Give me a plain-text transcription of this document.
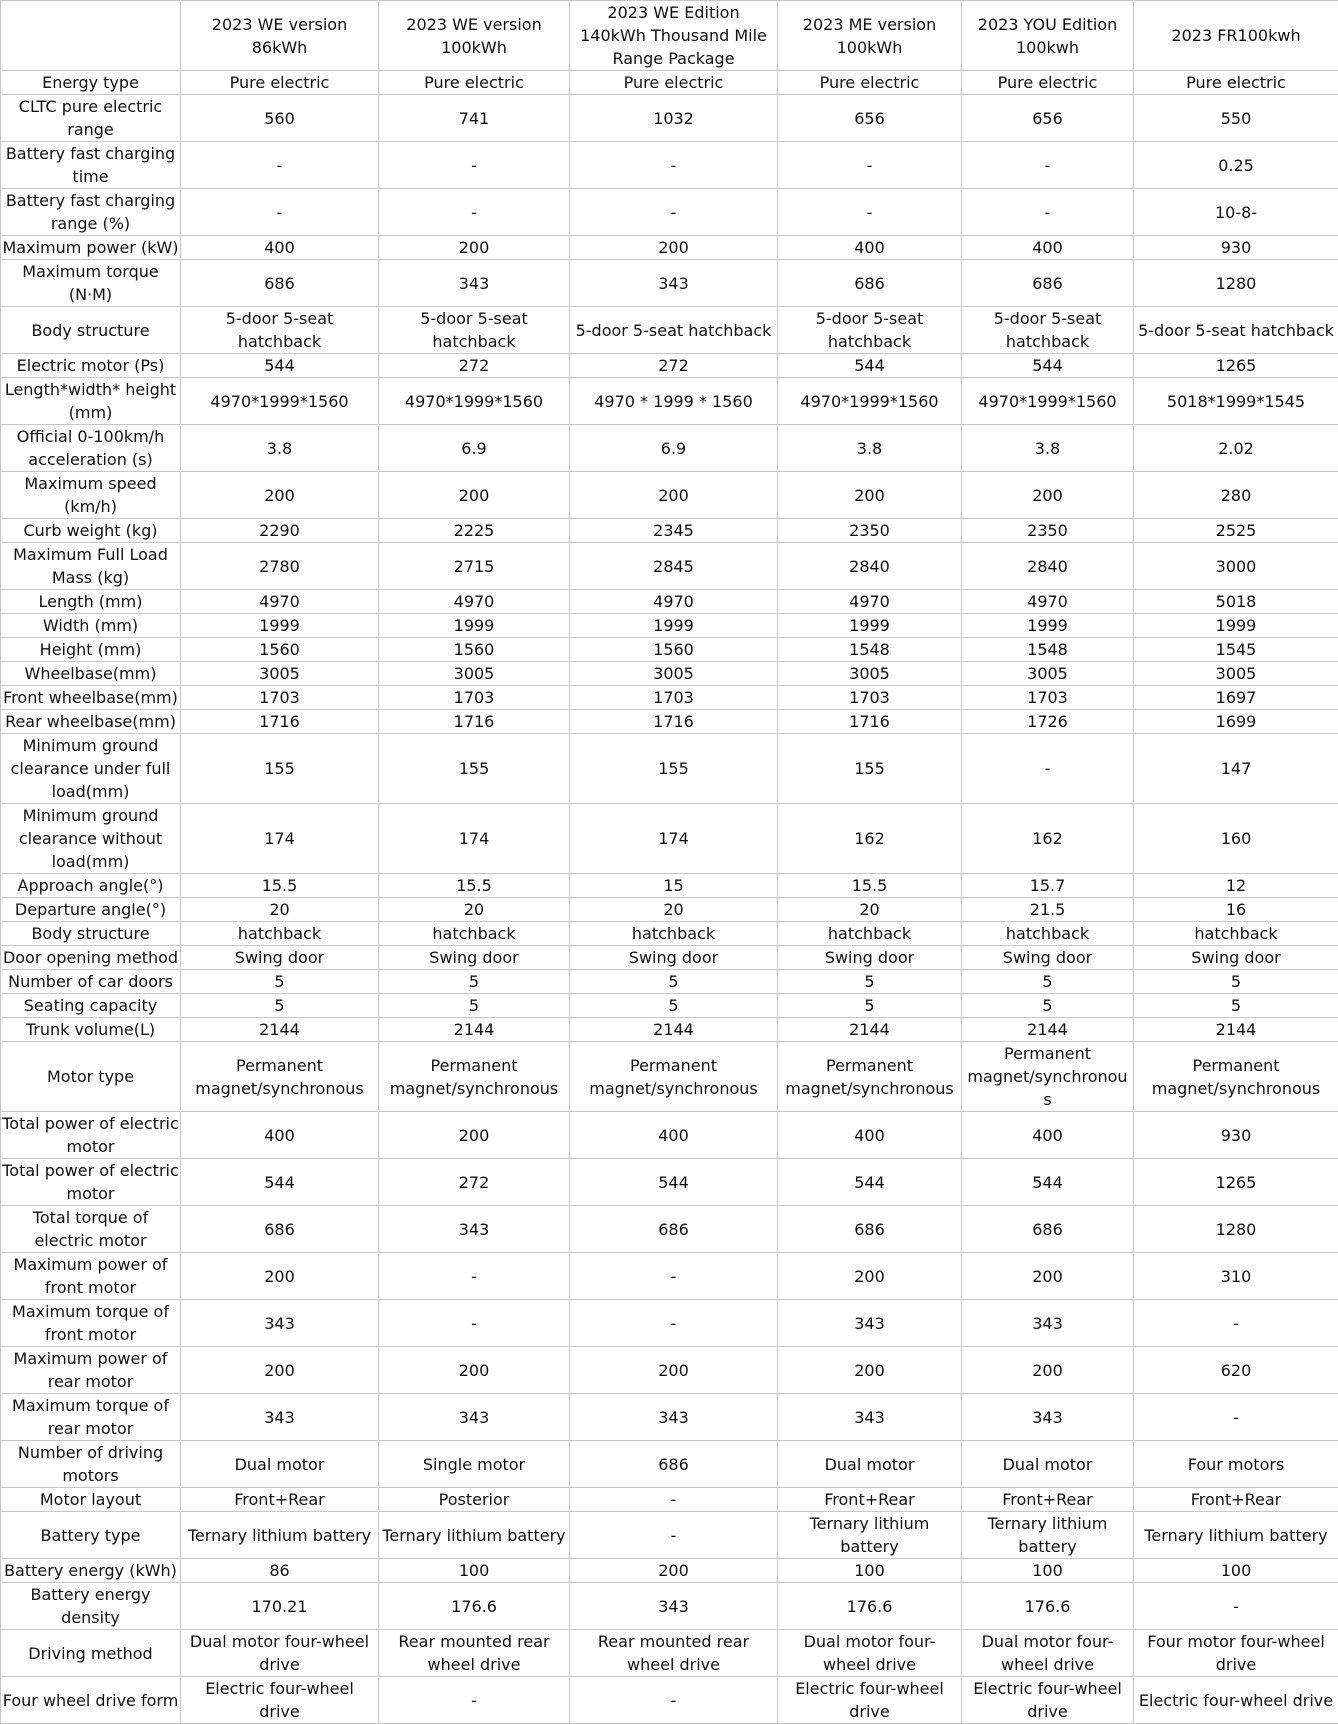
	2023 WE version 86kWh	2023 WE version 100kWh	2023 WE Edition 140kWh Thousand Mile Range Package	2023 ME version 100kWh	2023 YOU Edition 100kwh	2023 FR100kwh
Energy type	Pure electric	Pure electric	Pure electric	Pure electric	Pure electric	Pure electric
CLTC pure electric range	560	741	1032	656	656	550
Battery fast charging time	-	-	-	-	-	0.25
Battery fast charging range (%)	-	-	-	-	-	10-8-
Maximum power (kW)	400	200	200	400	400	930
Maximum torque (N·M)	686	343	343	686	686	1280
Body structure	5-door 5-seat hatchback	5-door 5-seat hatchback	5-door 5-seat hatchback	5-door 5-seat hatchback	5-door 5-seat hatchback	5-door 5-seat hatchback
Electric motor (Ps)	544	272	272	544	544	1265
Length*width* height (mm)	4970*1999*1560	4970*1999*1560	4970 * 1999 * 1560	4970*1999*1560	4970*1999*1560	5018*1999*1545
Official 0-100km/h acceleration (s)	3.8	6.9	6.9	3.8	3.8	2.02
Maximum speed (km/h)	200	200	200	200	200	280
Curb weight (kg)	2290	2225	2345	2350	2350	2525
Maximum Full Load Mass (kg)	2780	2715	2845	2840	2840	3000
Length (mm)	4970	4970	4970	4970	4970	5018
Width (mm)	1999	1999	1999	1999	1999	1999
Height (mm)	1560	1560	1560	1548	1548	1545
Wheelbase(mm)	3005	3005	3005	3005	3005	3005
Front wheelbase(mm)	1703	1703	1703	1703	1703	1697
Rear wheelbase(mm)	1716	1716	1716	1716	1726	1699
Minimum ground clearance under full load(mm)	155	155	155	155	-	147
Minimum ground clearance without load(mm)	174	174	174	162	162	160
Approach angle(°)	15.5	15.5	15	15.5	15.7	12
Departure angle(°)	20	20	20	20	21.5	16
Body structure	hatchback	hatchback	hatchback	hatchback	hatchback	hatchback
Door opening method	Swing door	Swing door	Swing door	Swing door	Swing door	Swing door
Number of car doors	5	5	5	5	5	5
Seating capacity	5	5	5	5	5	5
Trunk volume(L)	2144	2144	2144	2144	2144	2144
Motor type	Permanent magnet/synchronous	Permanent magnet/synchronous	Permanent magnet/synchronous	Permanent magnet/synchronous	Permanent magnet/synchronous	Permanent magnet/synchronous
Total power of electric motor	400	200	400	400	400	930
Total power of electric motor	544	272	544	544	544	1265
Total torque of electric motor	686	343	686	686	686	1280
Maximum power of front motor	200	-	-	200	200	310
Maximum torque of front motor	343	-	-	343	343	-
Maximum power of rear motor	200	200	200	200	200	620
Maximum torque of rear motor	343	343	343	343	343	-
Number of driving motors	Dual motor	Single motor	686	Dual motor	Dual motor	Four motors
Motor layout	Front+Rear	Posterior	-	Front+Rear	Front+Rear	Front+Rear
Battery type	Ternary lithium battery	Ternary lithium battery	-	Ternary lithium battery	Ternary lithium battery	Ternary lithium battery
Battery energy (kWh)	86	100	200	100	100	100
Battery energy density	170.21	176.6	343	176.6	176.6	-
Driving method	Dual motor four-wheel drive	Rear mounted rear wheel drive	Rear mounted rear wheel drive	Dual motor four-wheel drive	Dual motor four-wheel drive	Four motor four-wheel drive
Four wheel drive form	Electric four-wheel drive	-	-	Electric four-wheel drive	Electric four-wheel drive	Electric four-wheel drive
